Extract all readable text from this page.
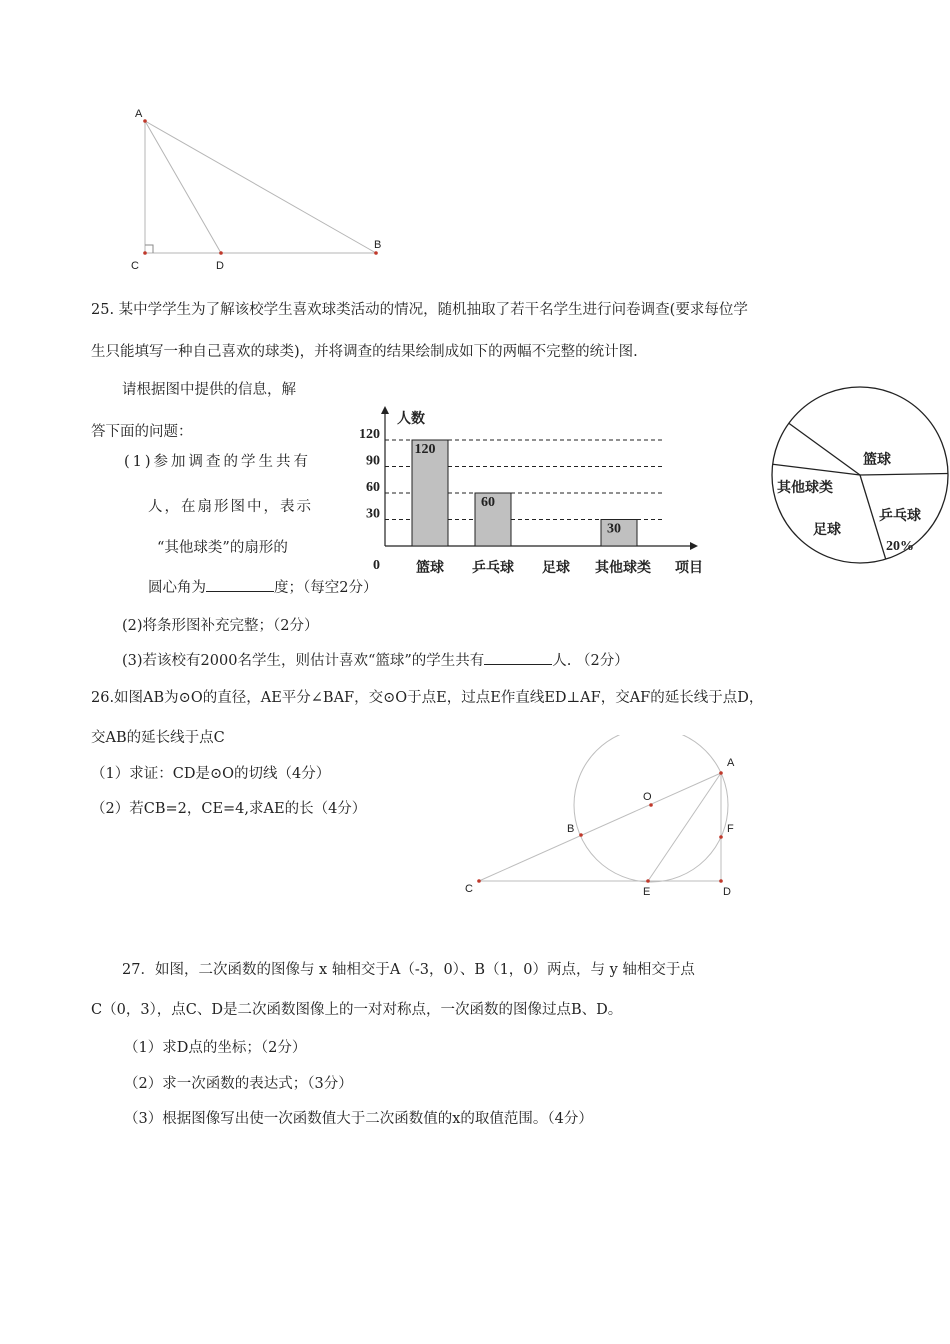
A
B
C	D
25. 某中学学生为了解该校学生喜欢球类活动的情况，随机抽取了若干名学生进行问卷调查(要求每位学
生只能填写一种自己喜欢的球类)，并将调查的结果绘制成如下的两幅不完整的统计图.
请根据图中提供的信息，解
答下面的问题：
(1)参加调查的学生共有
人，在扇形图中，表示
“其他球类”的扇形的
圆心角为	度；（每空2分）
(2)将条形图补充完整；（2分）
(3)若该校有2000名学生，则估计喜欢“篮球”的学生共有	人. （2分）
人数
项目
0
30
60
90
120
120
篮球
60
乒乓球 足球
30
其他球类
篮球
乒乓球
足球
其他球类
20%
26.如图AB为⊙O的直径，AE平分∠BAF，交⊙O于点E，过点E作直线ED⊥AF，交AF的延长线于点D，
交AB的延长线于点C
（1）求证：CD是⊙O的切线（4分）
（2）若CB=2，CE=4,求AE的长（4分）
A
O
B	F
C	E	D
27．如图，二次函数的图像与 x 轴相交于A（-3，0）、B（1，0）两点，与 y 轴相交于点
C（0，3），点C、D是二次函数图像上的一对对称点，一次函数的图像过点B、D。
（1）求D点的坐标；（2分）
（2）求一次函数的表达式；（3分）
（3）根据图像写出使一次函数值大于二次函数值的x的取值范围。（4分）
